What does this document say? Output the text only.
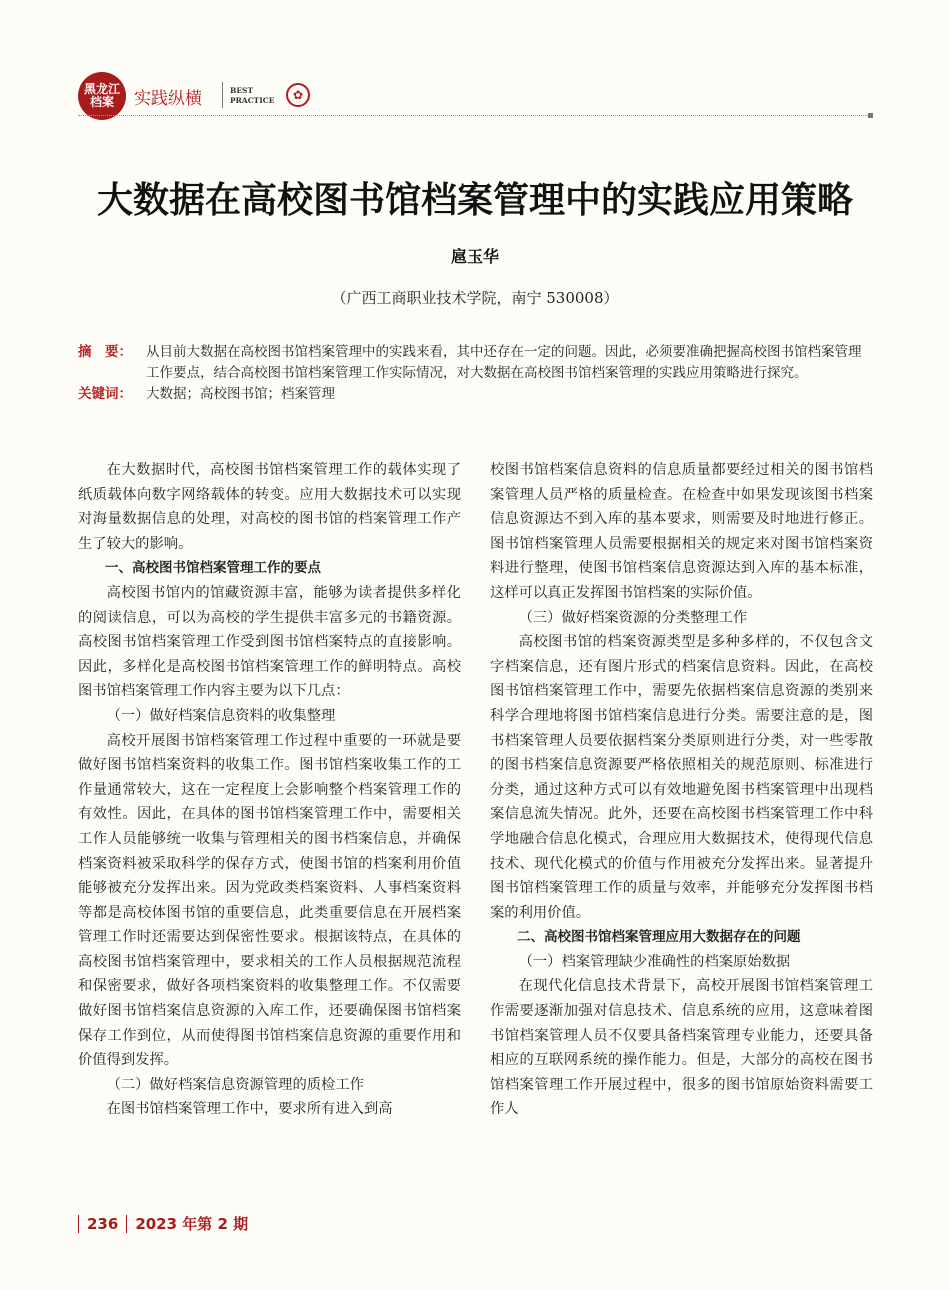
黑龙江档案	实践纵横	BEST
PRACTICE	✿
大数据在高校图书馆档案管理中的实践应用策略
扈玉华
（广西工商职业技术学院，南宁 530008）
摘　要：	从目前大数据在高校图书馆档案管理中的实践来看，其中还存在一定的问题。因此，必须要准确把握高校图书馆档案管理工作要点，结合高校图书馆档案管理工作实际情况，对大数据在高校图书馆档案管理的实践应用策略进行探究。
关键词：	大数据；高校图书馆；档案管理

在大数据时代，高校图书馆档案管理工作的载体实现了纸质载体向数字网络载体的转变。应用大数据技术可以实现对海量数据信息的处理，对高校的图书馆的档案管理工作产生了较大的影响。

一、高校图书馆档案管理工作的要点

高校图书馆内的馆藏资源丰富，能够为读者提供多样化的阅读信息，可以为高校的学生提供丰富多元的书籍资源。高校图书馆档案管理工作受到图书馆档案特点的直接影响。因此，多样化是高校图书馆档案管理工作的鲜明特点。高校图书馆档案管理工作内容主要为以下几点：

（一）做好档案信息资料的收集整理

高校开展图书馆档案管理工作过程中重要的一环就是要做好图书馆档案资料的收集工作。图书馆档案收集工作的工作量通常较大，这在一定程度上会影响整个档案管理工作的有效性。因此，在具体的图书馆档案管理工作中，需要相关工作人员能够统一收集与管理相关的图书档案信息，并确保档案资料被采取科学的保存方式，使图书馆的档案利用价值能够被充分发挥出来。因为党政类档案资料、人事档案资料等都是高校体图书馆的重要信息，此类重要信息在开展档案管理工作时还需要达到保密性要求。根据该特点，在具体的高校图书馆档案管理中，要求相关的工作人员根据规范流程和保密要求，做好各项档案资料的收集整理工作。不仅需要做好图书馆档案信息资源的入库工作，还要确保图书馆档案保存工作到位，从而使得图书馆档案信息资源的重要作用和价值得到发挥。

（二）做好档案信息资源管理的质检工作

在图书馆档案管理工作中，要求所有进入到高

校图书馆档案信息资料的信息质量都要经过相关的图书馆档案管理人员严格的质量检查。在检查中如果发现该图书档案信息资源达不到入库的基本要求，则需要及时地进行修正。图书馆档案管理人员需要根据相关的规定来对图书馆档案资料进行整理，使图书馆档案信息资源达到入库的基本标准，这样可以真正发挥图书馆档案的实际价值。

（三）做好档案资源的分类整理工作

高校图书馆的档案资源类型是多种多样的，不仅包含文字档案信息，还有图片形式的档案信息资料。因此，在高校图书馆档案管理工作中，需要先依据档案信息资源的类别来科学合理地将图书馆档案信息进行分类。需要注意的是，图书档案管理人员要依据档案分类原则进行分类，对一些零散的图书档案信息资源要严格依照相关的规范原则、标准进行分类，通过这种方式可以有效地避免图书档案管理中出现档案信息流失情况。此外，还要在高校图书档案管理工作中科学地融合信息化模式，合理应用大数据技术，使得现代信息技术、现代化模式的价值与作用被充分发挥出来。显著提升图书馆档案管理工作的质量与效率，并能够充分发挥图书档案的利用价值。

二、高校图书馆档案管理应用大数据存在的问题
（一）档案管理缺少准确性的档案原始数据

在现代化信息技术背景下，高校开展图书馆档案管理工作需要逐渐加强对信息技术、信息系统的应用，这意味着图书馆档案管理人员不仅要具备档案管理专业能力，还要具备相应的互联网系统的操作能力。但是，大部分的高校在图书馆档案管理工作开展过程中，很多的图书馆原始资料需要工作人

236 2023 年第 2 期
